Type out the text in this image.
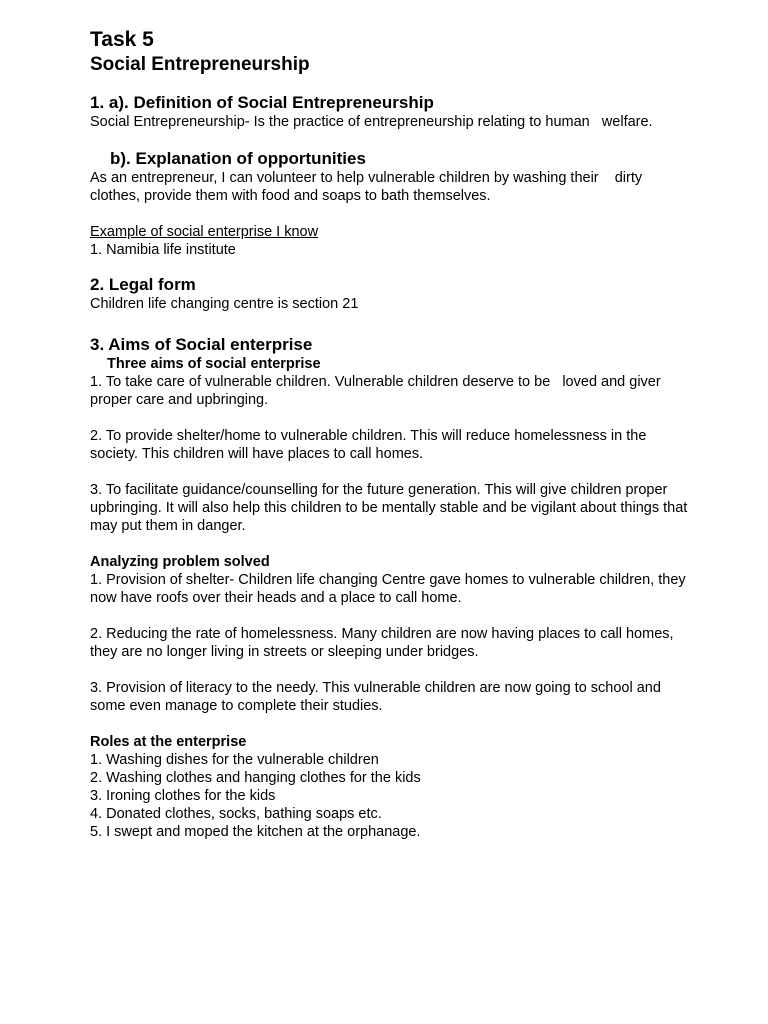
Task 5
Social Entrepreneurship
1. a). Definition of Social Entrepreneurship
Social Entrepreneurship- Is the practice of entrepreneurship relating to human   welfare.
b). Explanation of opportunities
As an entrepreneur, I can volunteer to help vulnerable children by washing their    dirty clothes, provide them with food and soaps to bath themselves.
Example of social enterprise I know
1. Namibia life institute
2. Legal form
Children life changing centre is section 21
3. Aims of Social enterprise
Three aims of social enterprise
1. To take care of vulnerable children. Vulnerable children deserve to be   loved and giver proper care and upbringing.
2. To provide shelter/home to vulnerable children. This will reduce homelessness in the society. This children will have places to call homes.
3. To facilitate guidance/counselling for the future generation. This will give children proper upbringing. It will also help this children to be mentally stable and be vigilant about things that may put them in danger.
Analyzing problem solved
1. Provision of shelter- Children life changing Centre gave homes to vulnerable children, they now have roofs over their heads and a place to call home.
2. Reducing the rate of homelessness. Many children are now having places to call homes, they are no longer living in streets or sleeping under bridges.
3. Provision of literacy to the needy. This vulnerable children are now going to school and some even manage to complete their studies.
Roles at the enterprise
1. Washing dishes for the vulnerable children
2. Washing clothes and hanging clothes for the kids
3. Ironing clothes for the kids
4. Donated clothes, socks, bathing soaps etc.
5. I swept and moped the kitchen at the orphanage.
